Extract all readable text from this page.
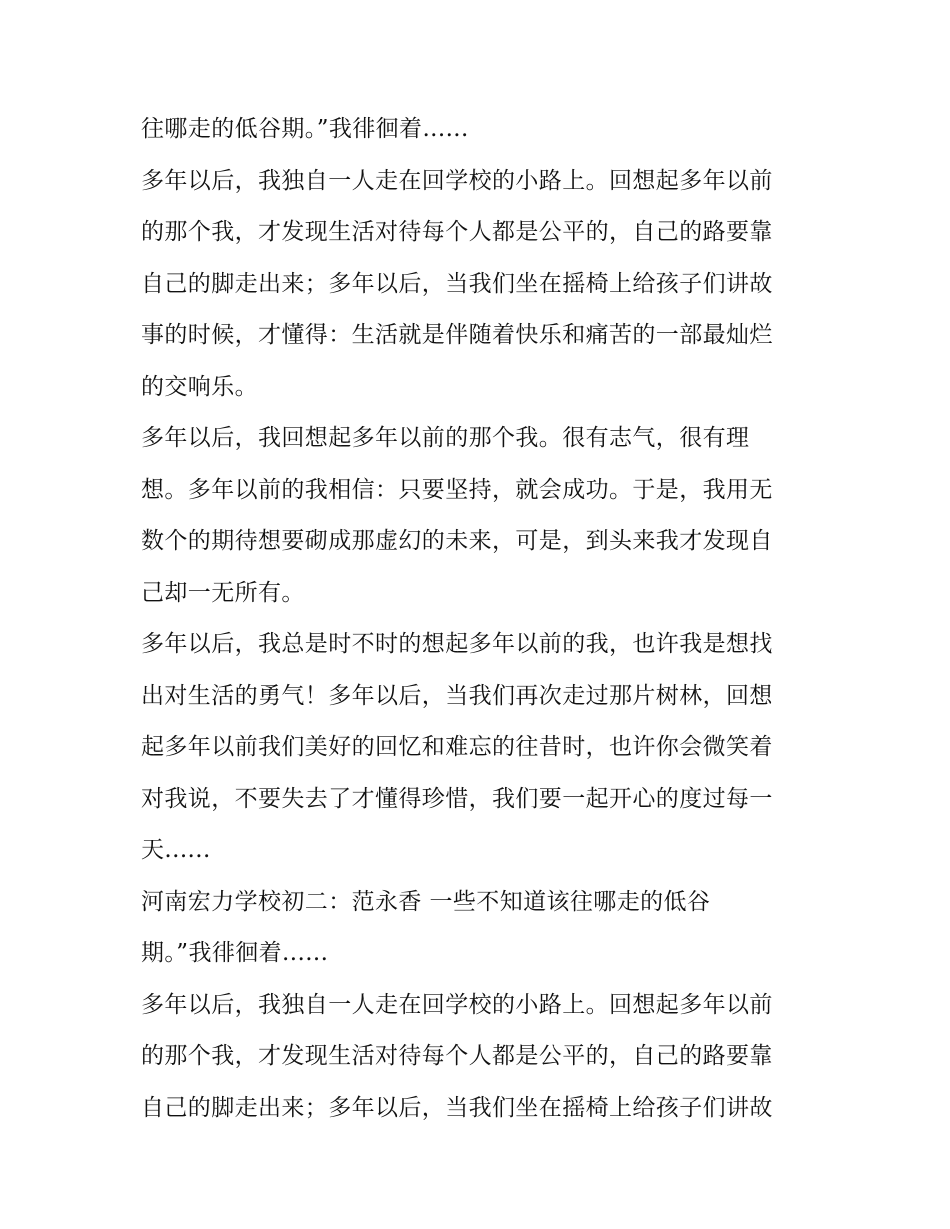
往哪走的低谷期。”我徘徊着......
多年以后，我独自一人走在回学校的小路上。回想起多年以前
的那个我，才发现生活对待每个人都是公平的，自己的路要靠
自己的脚走出来；多年以后，当我们坐在摇椅上给孩子们讲故
事的时候，才懂得：生活就是伴随着快乐和痛苦的一部最灿烂
的交响乐。
多年以后，我回想起多年以前的那个我。很有志气，很有理
想。多年以前的我相信：只要坚持，就会成功。于是，我用无
数个的期待想要砌成那虚幻的未来，可是，到头来我才发现自
己却一无所有。
多年以后，我总是时不时的想起多年以前的我，也许我是想找
出对生活的勇气！多年以后，当我们再次走过那片树林，回想
起多年以前我们美好的回忆和难忘的往昔时，也许你会微笑着
对我说，不要失去了才懂得珍惜，我们要一起开心的度过每一
天......
河南宏力学校初二：范永香 一些不知道该往哪走的低谷
期。”我徘徊着......
多年以后，我独自一人走在回学校的小路上。回想起多年以前
的那个我，才发现生活对待每个人都是公平的，自己的路要靠
自己的脚走出来；多年以后，当我们坐在摇椅上给孩子们讲故
